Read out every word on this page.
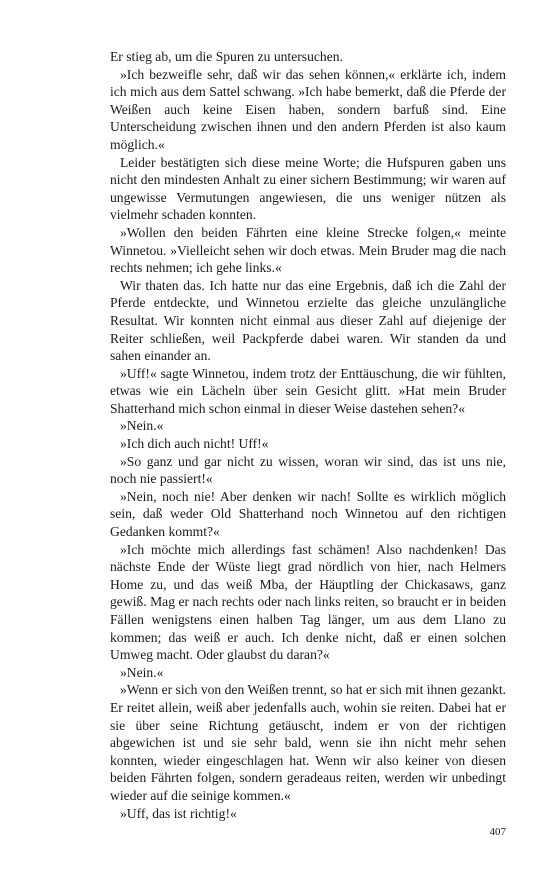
Er stieg ab, um die Spuren zu untersuchen.

»Ich bezweifle sehr, daß wir das sehen können,« erklärte ich, indem ich mich aus dem Sattel schwang. »Ich habe bemerkt, daß die Pferde der Weißen auch keine Eisen haben, sondern barfuß sind. Eine Unterscheidung zwischen ihnen und den andern Pferden ist also kaum möglich.«

Leider bestätigten sich diese meine Worte; die Hufspuren gaben uns nicht den mindesten Anhalt zu einer sichern Bestimmung; wir waren auf ungewisse Vermutungen angewiesen, die uns weniger nützen als vielmehr schaden konnten.

»Wollen den beiden Fährten eine kleine Strecke folgen,« meinte Winnetou. »Vielleicht sehen wir doch etwas. Mein Bruder mag die nach rechts nehmen; ich gehe links.«

Wir thaten das. Ich hatte nur das eine Ergebnis, daß ich die Zahl der Pferde entdeckte, und Winnetou erzielte das gleiche unzulängliche Resultat. Wir konnten nicht einmal aus dieser Zahl auf diejenige der Reiter schließen, weil Packpferde dabei waren. Wir standen da und sahen einander an.

»Uff!« sagte Winnetou, indem trotz der Enttäuschung, die wir fühlten, etwas wie ein Lächeln über sein Gesicht glitt. »Hat mein Bruder Shatterhand mich schon einmal in dieser Weise dastehen sehen?«

»Nein.«

»Ich dich auch nicht! Uff!«

»So ganz und gar nicht zu wissen, woran wir sind, das ist uns nie, noch nie passiert!«

»Nein, noch nie! Aber denken wir nach! Sollte es wirklich möglich sein, daß weder Old Shatterhand noch Winnetou auf den richtigen Gedanken kommt?«

»Ich möchte mich allerdings fast schämen! Also nachdenken! Das nächste Ende der Wüste liegt grad nördlich von hier, nach Helmers Home zu, und das weiß Mba, der Häuptling der Chickasaws, ganz gewiß. Mag er nach rechts oder nach links reiten, so braucht er in beiden Fällen wenigstens einen halben Tag länger, um aus dem Llano zu kommen; das weiß er auch. Ich denke nicht, daß er einen solchen Umweg macht. Oder glaubst du daran?«

»Nein.«

»Wenn er sich von den Weißen trennt, so hat er sich mit ihnen gezankt. Er reitet allein, weiß aber jedenfalls auch, wohin sie reiten. Dabei hat er sie über seine Richtung getäuscht, indem er von der richtigen abgewichen ist und sie sehr bald, wenn sie ihn nicht mehr sehen konnten, wieder eingeschlagen hat. Wenn wir also keiner von diesen beiden Fährten folgen, sondern geradeaus reiten, werden wir unbedingt wieder auf die seinige kommen.«

»Uff, das ist richtig!«

407
